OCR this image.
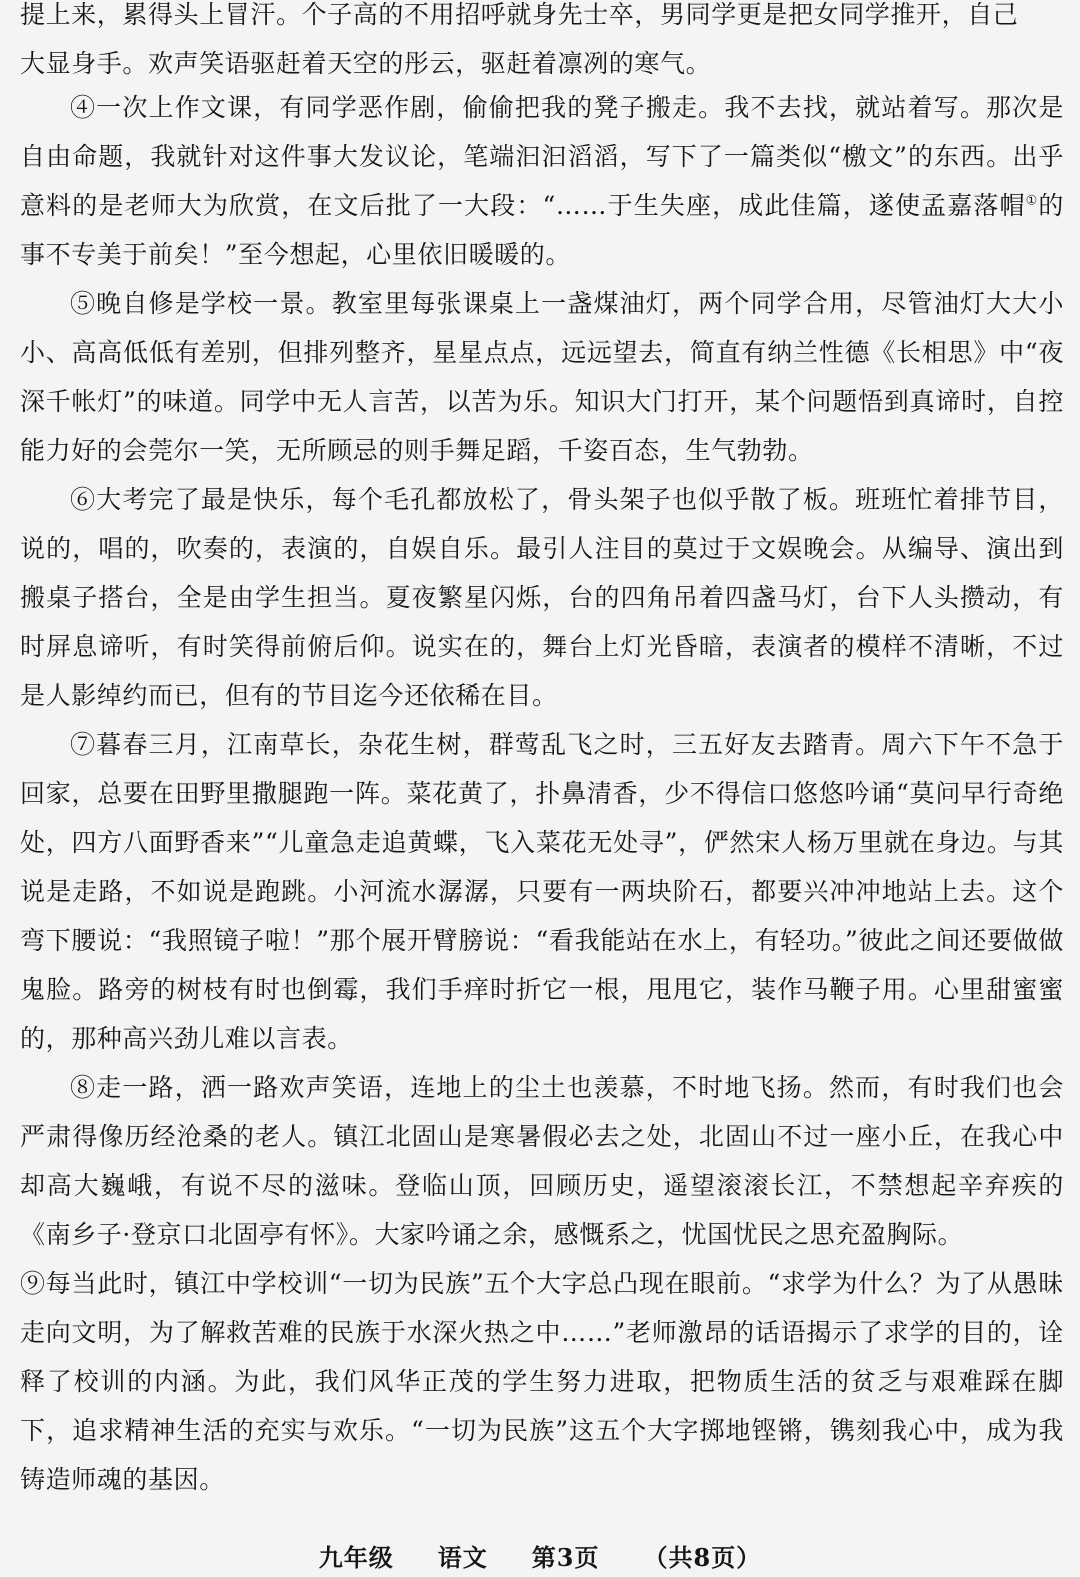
提上来，累得头上冒汗。个子高的不用招呼就身先士卒，男同学更是把女同学推开，自己

大显身手。欢声笑语驱赶着天空的彤云，驱赶着凛冽的寒气。

④一次上作文课，有同学恶作剧，偷偷把我的凳子搬走。我不去找，就站着写。那次是自由命题，我就针对这件事大发议论，笔端汩汩滔滔，写下了一篇类似“檄文”的东西。出乎意料的是老师大为欣赏，在文后批了一大段：“……于生失座，成此佳篇，遂使孟嘉落帽①的事不专美于前矣！”至今想起，心里依旧暖暖的。

⑤晚自修是学校一景。教室里每张课桌上一盏煤油灯，两个同学合用，尽管油灯大大小小、高高低低有差别，但排列整齐，星星点点，远远望去，简直有纳兰性德《长相思》中“夜深千帐灯”的味道。同学中无人言苦，以苦为乐。知识大门打开，某个问题悟到真谛时，自控能力好的会莞尔一笑，无所顾忌的则手舞足蹈，千姿百态，生气勃勃。

⑥大考完了最是快乐，每个毛孔都放松了，骨头架子也似乎散了板。班班忙着排节目，说的，唱的，吹奏的，表演的，自娱自乐。最引人注目的莫过于文娱晚会。从编导、演出到搬桌子搭台，全是由学生担当。夏夜繁星闪烁，台的四角吊着四盏马灯，台下人头攒动，有时屏息谛听，有时笑得前俯后仰。说实在的，舞台上灯光昏暗，表演者的模样不清晰，不过是人影绰约而已，但有的节目迄今还依稀在目。

⑦暮春三月，江南草长，杂花生树，群莺乱飞之时，三五好友去踏青。周六下午不急于回家，总要在田野里撒腿跑一阵。菜花黄了，扑鼻清香，少不得信口悠悠吟诵“莫问早行奇绝处，四方八面野香来”“儿童急走追黄蝶，飞入菜花无处寻”，俨然宋人杨万里就在身边。与其说是走路，不如说是跑跳。小河流水潺潺，只要有一两块阶石，都要兴冲冲地站上去。这个弯下腰说：“我照镜子啦！”那个展开臂膀说：“看我能站在水上，有轻功。”彼此之间还要做做鬼脸。路旁的树枝有时也倒霉，我们手痒时折它一根，甩甩它，装作马鞭子用。心里甜蜜蜜的，那种高兴劲儿难以言表。

⑧走一路，洒一路欢声笑语，连地上的尘土也羡慕，不时地飞扬。然而，有时我们也会严肃得像历经沧桑的老人。镇江北固山是寒暑假必去之处，北固山不过一座小丘，在我心中却高大巍峨，有说不尽的滋味。登临山顶，回顾历史，遥望滚滚长江，不禁想起辛弃疾的《南乡子·登京口北固亭有怀》。大家吟诵之余，感慨系之，忧国忧民之思充盈胸际。

⑨每当此时，镇江中学校训“一切为民族”五个大字总凸现在眼前。“求学为什么？为了从愚昧走向文明，为了解救苦难的民族于水深火热之中……”老师激昂的话语揭示了求学的目的，诠释了校训的内涵。为此，我们风华正茂的学生努力进取，把物质生活的贫乏与艰难踩在脚下，追求精神生活的充实与欢乐。“一切为民族”这五个大字掷地铿锵，镌刻我心中，成为我铸造师魂的基因。

九年级 语文 第3页 （共8页）
